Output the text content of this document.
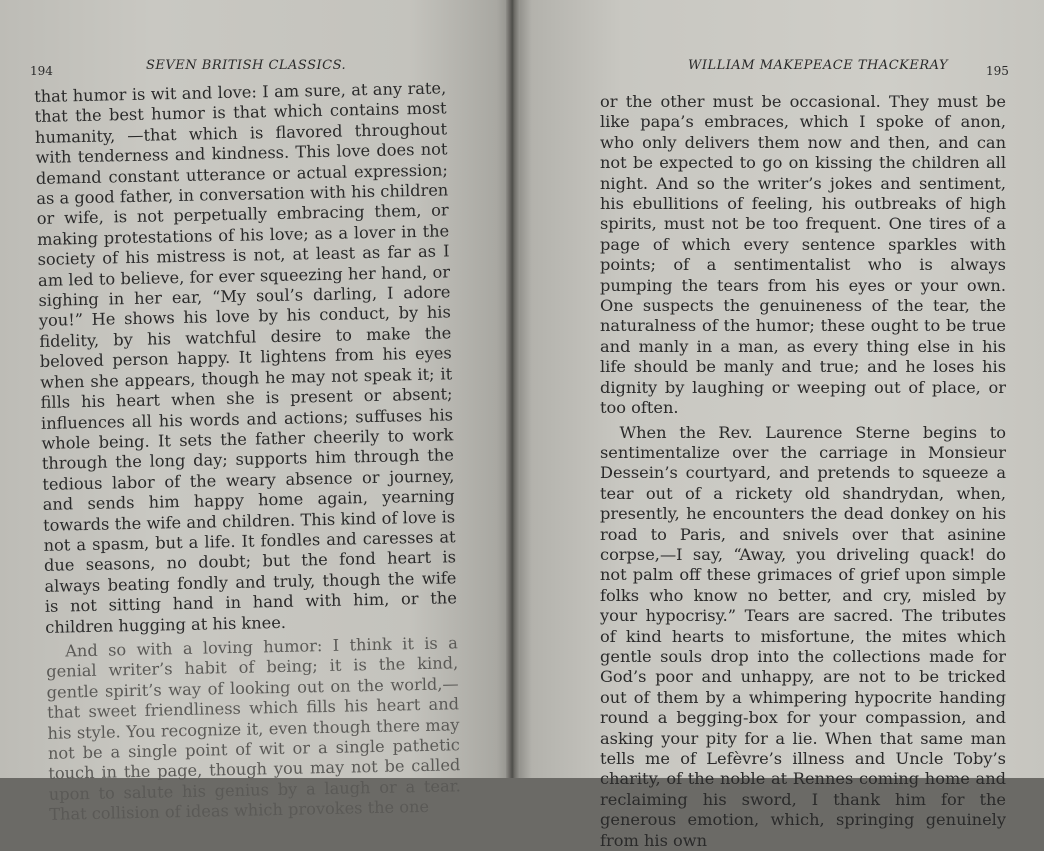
194	SEVEN BRITISH CLASSICS.

that humor is wit and love: I am sure, at any rate, that the best humor is that which contains most humanity, —that which is flavored throughout with tenderness and kindness. This love does not demand constant utterance or actual expression; as a good father, in conversation with his children or wife, is not perpetually embracing them, or making protestations of his love; as a lover in the society of his mistress is not, at least as far as I am led to believe, for ever squeezing her hand, or sighing in her ear, “My soul’s darling, I adore you!” He shows his love by his conduct, by his fidelity, by his watchful desire to make the beloved person happy. It lightens from his eyes when she appears, though he may not speak it; it fills his heart when she is present or absent; influences all his words and actions; suffuses his whole being. It sets the father cheerily to work through the long day; supports him through the tedious labor of the weary absence or journey, and sends him happy home again, yearning towards the wife and children. This kind of love is not a spasm, but a life. It fondles and caresses at due seasons, no doubt; but the fond heart is always beating fondly and truly, though the wife is not sitting hand in hand with him, or the children hugging at his knee.

And so with a loving humor: I think it is a genial writer’s habit of being; it is the kind, gentle spirit’s way of looking out on the world,—that sweet friendliness which fills his heart and his style. You recognize it, even though there may not be a single point of wit or a single pathetic touch in the page, though you may not be called upon to salute his genius by a laugh or a tear. That collision of ideas which provokes the one

WILLIAM MAKEPEACE THACKERAY	195

or the other must be occasional. They must be like papa’s embraces, which I spoke of anon, who only delivers them now and then, and can not be expected to go on kissing the children all night. And so the writer’s jokes and sentiment, his ebullitions of feeling, his outbreaks of high spirits, must not be too frequent. One tires of a page of which every sentence sparkles with points; of a sentimentalist who is always pumping the tears from his eyes or your own. One suspects the genuineness of the tear, the naturalness of the humor; these ought to be true and manly in a man, as every thing else in his life should be manly and true; and he loses his dignity by laughing or weeping out of place, or too often.

When the Rev. Laurence Sterne begins to sentimentalize over the carriage in Monsieur Dessein’s courtyard, and pretends to squeeze a tear out of a rickety old shandrydan, when, presently, he encounters the dead donkey on his road to Paris, and snivels over that asinine corpse,—I say, “Away, you driveling quack! do not palm off these grimaces of grief upon simple folks who know no better, and cry, misled by your hypocrisy.” Tears are sacred. The tributes of kind hearts to misfortune, the mites which gentle souls drop into the collections made for God’s poor and unhappy, are not to be tricked out of them by a whimpering hypocrite handing round a begging-box for your compassion, and asking your pity for a lie. When that same man tells me of Lefèvre’s illness and Uncle Toby’s charity, of the noble at Rennes coming home and reclaiming his sword, I thank him for the generous emotion, which, springing genuinely from his own
